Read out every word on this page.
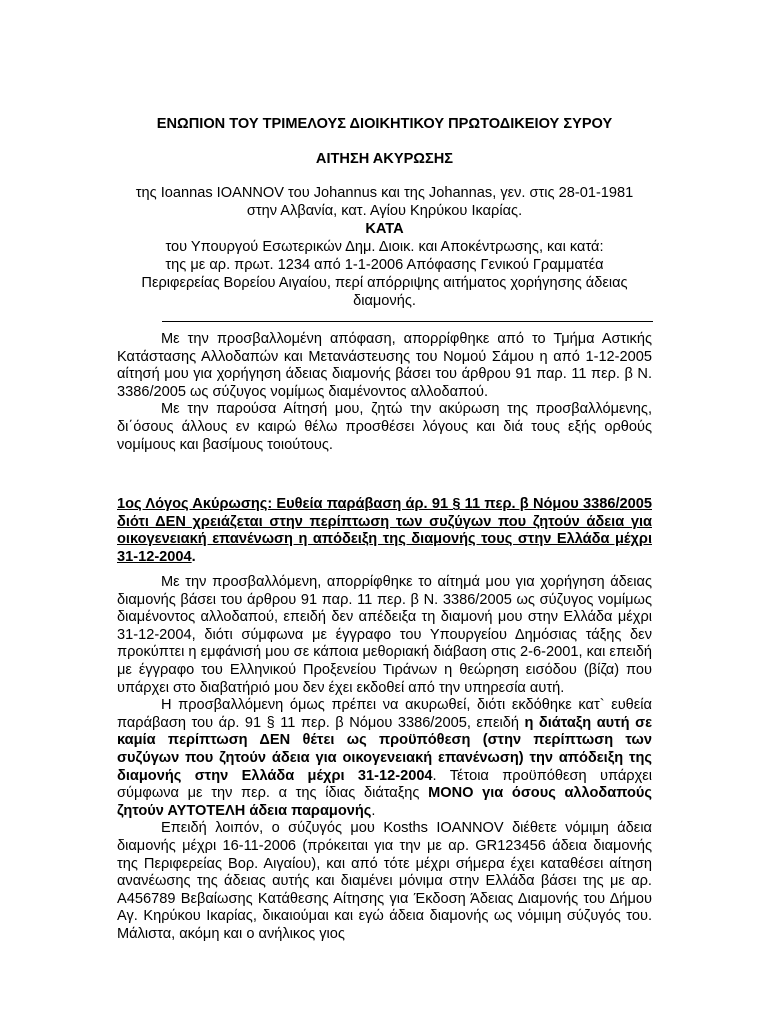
ΕΝΩΠΙΟΝ ΤΟΥ ΤΡΙΜΕΛΟΥΣ ΔΙΟΙΚΗΤΙΚΟΥ ΠΡΩΤΟΔΙΚΕΙΟΥ ΣΥΡΟΥ
ΑΙΤΗΣΗ ΑΚΥΡΩΣΗΣ
της Ioannas IOANNOV του Johannus και της Johannas, γεν. στις 28-01-1981
στην Αλβανία, κατ. Αγίου Κηρύκου Ικαρίας.
ΚΑΤΑ
του Υπουργού Εσωτερικών Δημ. Διοικ. και Αποκέντρωσης, και κατά:
της με αρ. πρωτ. 1234 από 1-1-2006 Απόφασης Γενικού Γραμματέα
Περιφερείας Βορείου Αιγαίου, περί απόρριψης αιτήματος χορήγησης άδειας
διαμονής.

Με την προσβαλλομένη απόφαση, απορρίφθηκε από το Τμήμα Αστικής Κατάστασης Αλλοδαπών και Μετανάστευσης του Νομού Σάμου η από 1-12-2005 αίτησή μου για χορήγηση άδειας διαμονής βάσει του άρθρου 91 παρ. 11 περ. β Ν. 3386/2005 ως σύζυγος νομίμως διαμένοντος αλλοδαπού.

Με την παρούσα Αίτησή μου, ζητώ την ακύρωση της προσβαλλόμενης, δι΄όσους άλλους εν καιρώ θέλω προσθέσει λόγους και διά τους εξής ορθούς νομίμους και βασίμους τοιούτους.

1ος Λόγος Ακύρωσης: Ευθεία παράβαση άρ. 91 § 11 περ. β Νόμου 3386/2005 διότι ΔΕΝ χρειάζεται στην περίπτωση των συζύγων που ζητούν άδεια για οικογενειακή επανένωση η απόδειξη της διαμονής τους στην Ελλάδα μέχρι 31-12-2004.

Με την προσβαλλόμενη, απορρίφθηκε το αίτημά μου για χορήγηση άδειας διαμονής βάσει του άρθρου 91 παρ. 11 περ. β Ν. 3386/2005 ως σύζυγος νομίμως διαμένοντος αλλοδαπού, επειδή δεν απέδειξα τη διαμονή μου στην Ελλάδα μέχρι 31-12-2004, διότι σύμφωνα με έγγραφο του Υπουργείου Δημόσιας τάξης δεν προκύπτει η εμφάνισή μου σε κάποια μεθοριακή διάβαση στις 2-6-2001, και επειδή με έγγραφο του Ελληνικού Προξενείου Τιράνων η θεώρηση εισόδου (βίζα) που υπάρχει στο διαβατήριό μου δεν έχει εκδοθεί από την υπηρεσία αυτή.

Η προσβαλλόμενη όμως πρέπει να ακυρωθεί, διότι εκδόθηκε κατ` ευθεία παράβαση του άρ. 91 § 11 περ. β Νόμου 3386/2005, επειδή η διάταξη αυτή σε καμία περίπτωση ΔΕΝ θέτει ως προϋπόθεση (στην περίπτωση των συζύγων που ζητούν άδεια για οικογενειακή επανένωση) την απόδειξη της διαμονής στην Ελλάδα μέχρι 31-12-2004. Τέτοια προϋπόθεση υπάρχει σύμφωνα με την περ. α της ίδιας διάταξης ΜΟΝΟ για όσους αλλοδαπούς ζητούν ΑΥΤΟΤΕΛΗ άδεια παραμονής.

Επειδή λοιπόν, ο σύζυγός μου Kosths IOANNOV διέθετε νόμιμη άδεια διαμονής μέχρι 16-11-2006 (πρόκειται για την με αρ. GR123456 άδεια διαμονής της Περιφερείας Βορ. Αιγαίου), και από τότε μέχρι σήμερα έχει καταθέσει αίτηση ανανέωσης της άδειας αυτής και διαμένει μόνιμα στην Ελλάδα βάσει της με αρ. Α456789 Βεβαίωσης Κατάθεσης Αίτησης για Έκδοση Άδειας Διαμονής του Δήμου Αγ. Κηρύκου Ικαρίας, δικαιούμαι και εγώ άδεια διαμονής ως νόμιμη σύζυγός του. Μάλιστα, ακόμη και ο ανήλικος γιος
